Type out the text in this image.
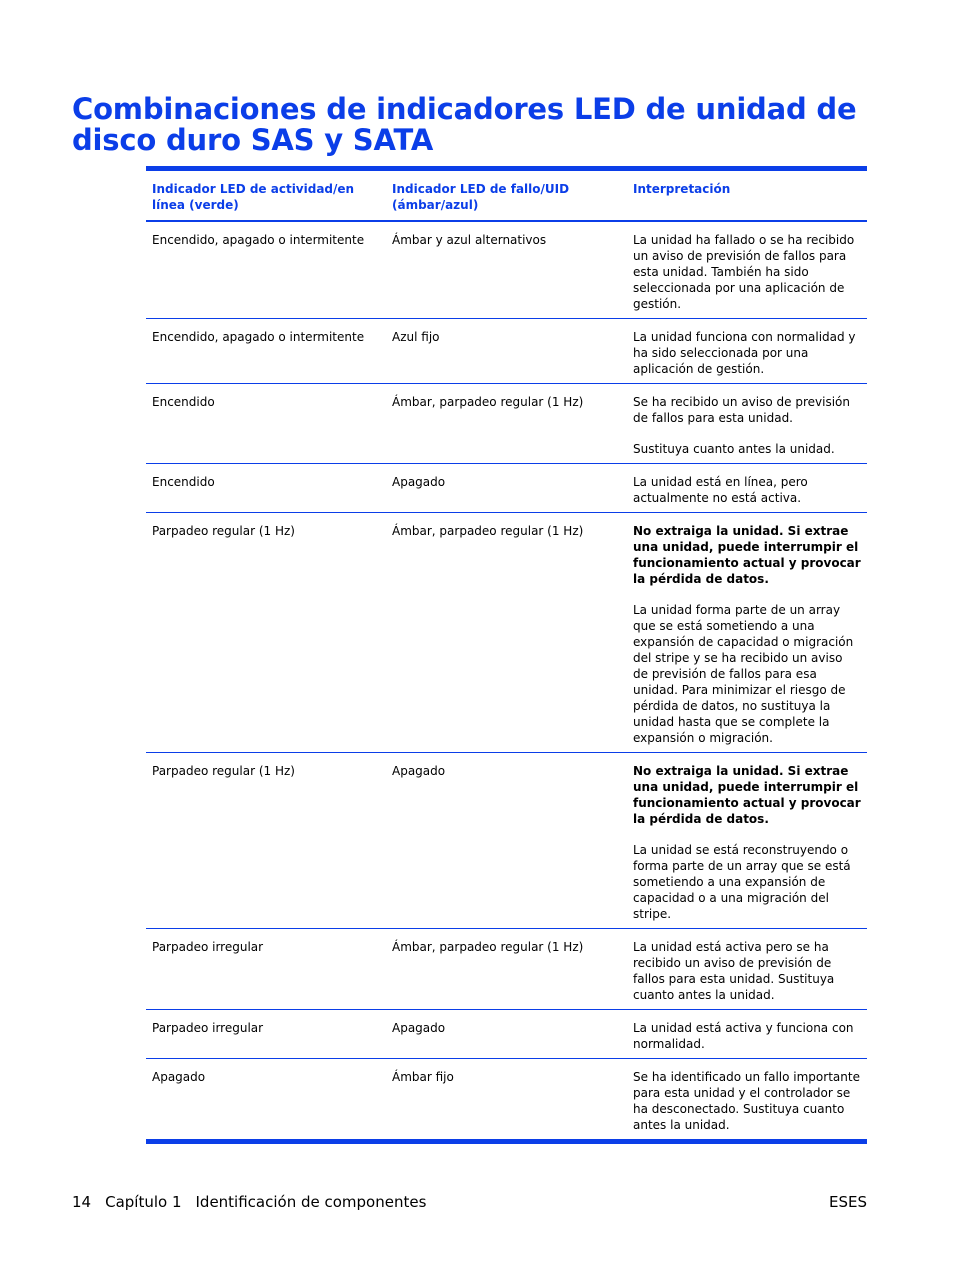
Combinaciones de indicadores LED de unidad de disco duro SAS y SATA
Indicador LED de actividad/en línea (verde)	Indicador LED de fallo/UID (ámbar/azul)	Interpretación
Encendido, apagado o intermitente	Ámbar y azul alternativos	La unidad ha fallado o se ha recibido un aviso de previsión de fallos para esta unidad. También ha sido seleccionada por una aplicación de gestión.

Encendido, apagado o intermitente	Azul fijo	La unidad funciona con normalidad y ha sido seleccionada por una aplicación de gestión.

Encendido	Ámbar, parpadeo regular (1 Hz)	Se ha recibido un aviso de previsión de fallos para esta unidad.

Sustituya cuanto antes la unidad.

Encendido	Apagado	La unidad está en línea, pero actualmente no está activa.

Parpadeo regular (1 Hz)	Ámbar, parpadeo regular (1 Hz)	No extraiga la unidad. Si extrae una unidad, puede interrumpir el funcionamiento actual y provocar la pérdida de datos.

La unidad forma parte de un array que se está sometiendo a una expansión de capacidad o migración del stripe y se ha recibido un aviso de previsión de fallos para esa unidad. Para minimizar el riesgo de pérdida de datos, no sustituya la unidad hasta que se complete la expansión o migración.

Parpadeo regular (1 Hz)	Apagado	No extraiga la unidad. Si extrae una unidad, puede interrumpir el funcionamiento actual y provocar la pérdida de datos.

La unidad se está reconstruyendo o forma parte de un array que se está sometiendo a una expansión de capacidad o a una migración del stripe.

Parpadeo irregular	Ámbar, parpadeo regular (1 Hz)	La unidad está activa pero se ha recibido un aviso de previsión de fallos para esta unidad. Sustituya cuanto antes la unidad.

Parpadeo irregular	Apagado	La unidad está activa y funciona con normalidad.

Apagado	Ámbar fijo	Se ha identificado un fallo importante para esta unidad y el controlador se ha desconectado. Sustituya cuanto antes la unidad.

14 Capítulo 1 Identificación de componentes	ESES
